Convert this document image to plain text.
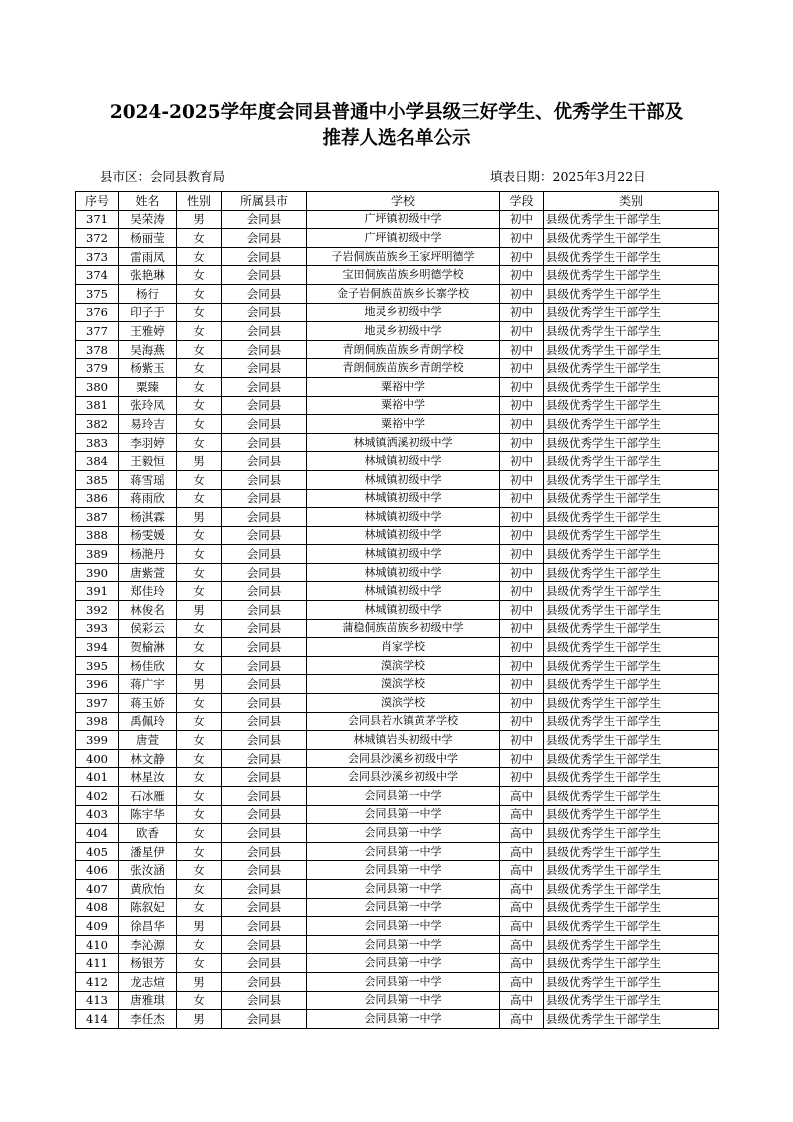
2024-2025学年度会同县普通中小学县级三好学生、优秀学生干部及
推荐人选名单公示
县市区：会同县教育局	填表日期：2025年3月22日
序号	姓名	性别	所属县市	学校	学段	类别
371	吴荣涛	男	会同县	广坪镇初级中学	初中	县级优秀学生干部学生
372	杨丽莹	女	会同县	广坪镇初级中学	初中	县级优秀学生干部学生
373	雷雨凤	女	会同县	子岩侗族苗族乡王家坪明德学	初中	县级优秀学生干部学生
374	张艳琳	女	会同县	宝田侗族苗族乡明德学校	初中	县级优秀学生干部学生
375	杨行	女	会同县	金子岩侗族苗族乡长寨学校	初中	县级优秀学生干部学生
376	印子于	女	会同县	地灵乡初级中学	初中	县级优秀学生干部学生
377	王雅婷	女	会同县	地灵乡初级中学	初中	县级优秀学生干部学生
378	吴海燕	女	会同县	青朗侗族苗族乡青朗学校	初中	县级优秀学生干部学生
379	杨紫玉	女	会同县	青朗侗族苗族乡青朗学校	初中	县级优秀学生干部学生
380	粟臻	女	会同县	粟裕中学	初中	县级优秀学生干部学生
381	张玲凤	女	会同县	粟裕中学	初中	县级优秀学生干部学生
382	易玲吉	女	会同县	粟裕中学	初中	县级优秀学生干部学生
383	李羽婷	女	会同县	林城镇洒溪初级中学	初中	县级优秀学生干部学生
384	王毅恒	男	会同县	林城镇初级中学	初中	县级优秀学生干部学生
385	蒋雪瑶	女	会同县	林城镇初级中学	初中	县级优秀学生干部学生
386	蒋雨欣	女	会同县	林城镇初级中学	初中	县级优秀学生干部学生
387	杨淇霖	男	会同县	林城镇初级中学	初中	县级优秀学生干部学生
388	杨雯媛	女	会同县	林城镇初级中学	初中	县级优秀学生干部学生
389	杨滟丹	女	会同县	林城镇初级中学	初中	县级优秀学生干部学生
390	唐紫萱	女	会同县	林城镇初级中学	初中	县级优秀学生干部学生
391	郑佳玲	女	会同县	林城镇初级中学	初中	县级优秀学生干部学生
392	林俊名	男	会同县	林城镇初级中学	初中	县级优秀学生干部学生
393	侯彩云	女	会同县	蒲稳侗族苗族乡初级中学	初中	县级优秀学生干部学生
394	贺榆淋	女	会同县	肖家学校	初中	县级优秀学生干部学生
395	杨佳欣	女	会同县	漠滨学校	初中	县级优秀学生干部学生
396	蒋广宇	男	会同县	漠滨学校	初中	县级优秀学生干部学生
397	蒋玉娇	女	会同县	漠滨学校	初中	县级优秀学生干部学生
398	禹佩玲	女	会同县	会同县若水镇黄茅学校	初中	县级优秀学生干部学生
399	唐萱	女	会同县	林城镇岩头初级中学	初中	县级优秀学生干部学生
400	林文静	女	会同县	会同县沙溪乡初级中学	初中	县级优秀学生干部学生
401	林星汝	女	会同县	会同县沙溪乡初级中学	初中	县级优秀学生干部学生
402	石冰雁	女	会同县	会同县第一中学	高中	县级优秀学生干部学生
403	陈宇华	女	会同县	会同县第一中学	高中	县级优秀学生干部学生
404	欧香	女	会同县	会同县第一中学	高中	县级优秀学生干部学生
405	潘星伊	女	会同县	会同县第一中学	高中	县级优秀学生干部学生
406	张汝涵	女	会同县	会同县第一中学	高中	县级优秀学生干部学生
407	黄欣怡	女	会同县	会同县第一中学	高中	县级优秀学生干部学生
408	陈叙妃	女	会同县	会同县第一中学	高中	县级优秀学生干部学生
409	徐昌华	男	会同县	会同县第一中学	高中	县级优秀学生干部学生
410	李沁源	女	会同县	会同县第一中学	高中	县级优秀学生干部学生
411	杨银芳	女	会同县	会同县第一中学	高中	县级优秀学生干部学生
412	龙志煊	男	会同县	会同县第一中学	高中	县级优秀学生干部学生
413	唐雅琪	女	会同县	会同县第一中学	高中	县级优秀学生干部学生
414	李任杰	男	会同县	会同县第一中学	高中	县级优秀学生干部学生
